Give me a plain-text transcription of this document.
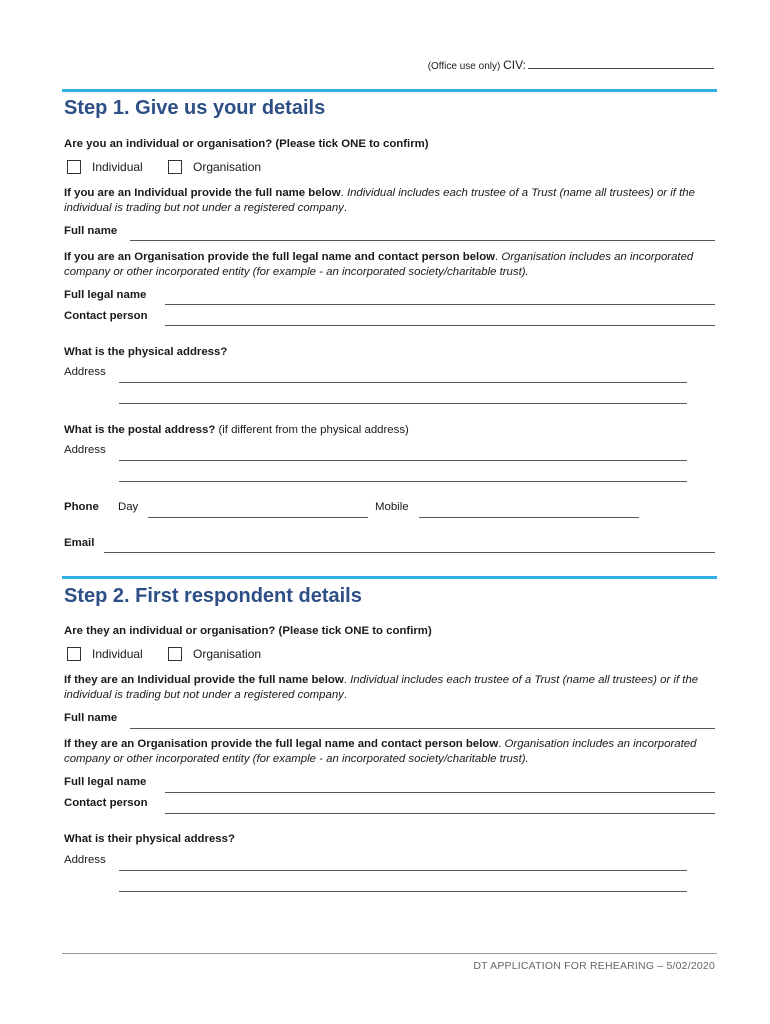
(Office use only) CIV:
Step 1. Give us your details
Are you an individual or organisation? (Please tick ONE to confirm)
Individual	Organisation
If you are an Individual provide the full name below. Individual includes each trustee of a Trust (name all trustees) or if the individual is trading but not under a registered company.
Full name
If you are an Organisation provide the full legal name and contact person below. Organisation includes an incorporated company or other incorporated entity (for example - an incorporated society/charitable trust).
Full legal name
Contact person
What is the physical address?
Address
What is the postal address? (if different from the physical address)
Address
Phone Day	Mobile
Email
Step 2. First respondent details
Are they an individual or organisation? (Please tick ONE to confirm)
Individual	Organisation
If they are an Individual provide the full name below. Individual includes each trustee of a Trust (name all trustees) or if the individual is trading but not under a registered company.
Full name
If they are an Organisation provide the full legal name and contact person below. Organisation includes an incorporated company or other incorporated entity (for example - an incorporated society/charitable trust).
Full legal name
Contact person
What is their physical address?
Address
DT APPLICATION FOR REHEARING – 5/02/2020
